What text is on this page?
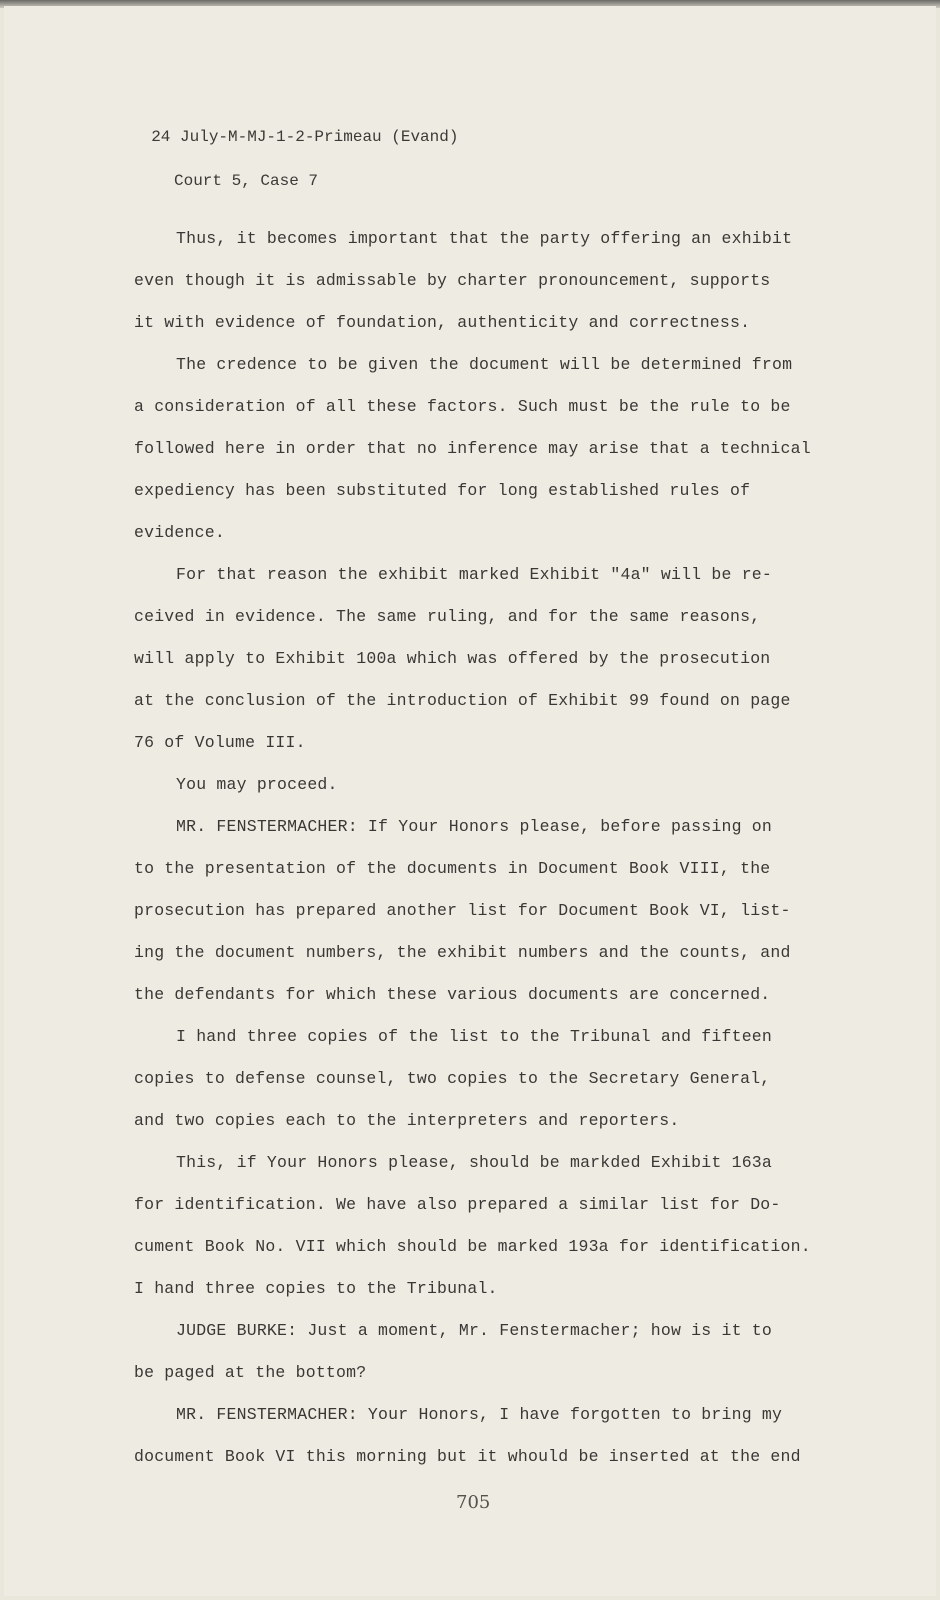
24 July-M-MJ-1-2-Primeau (Evand)

Court 5, Case 7

Thus, it becomes important that the party offering an exhibit
even though it is admissable by charter pronouncement, supports
it with evidence of foundation, authenticity and correctness.
The credence to be given the document will be determined from
a consideration of all these factors. Such must be the rule to be
followed here in order that no inference may arise that a technical
expediency has been substituted for long established rules of
evidence.
For that reason the exhibit marked Exhibit "4a" will be re-
ceived in evidence. The same ruling, and for the same reasons,
will apply to Exhibit 100a which was offered by the prosecution
at the conclusion of the introduction of Exhibit 99 found on page
76 of Volume III.
You may proceed.
MR. FENSTERMACHER: If Your Honors please, before passing on
to the presentation of the documents in Document Book VIII, the
prosecution has prepared another list for Document Book VI, list-
ing the document numbers, the exhibit numbers and the counts, and
the defendants for which these various documents are concerned.
I hand three copies of the list to the Tribunal and fifteen
copies to defense counsel, two copies to the Secretary General,
and two copies each to the interpreters and reporters.
This, if Your Honors please, should be markded Exhibit 163a
for identification. We have also prepared a similar list for Do-
cument Book No. VII which should be marked 193a for identification.
I hand three copies to the Tribunal.
JUDGE BURKE: Just a moment, Mr. Fenstermacher; how is it to
be paged at the bottom?
MR. FENSTERMACHER: Your Honors, I have forgotten to bring my
document Book VI this morning but it whould be inserted at the end
705
